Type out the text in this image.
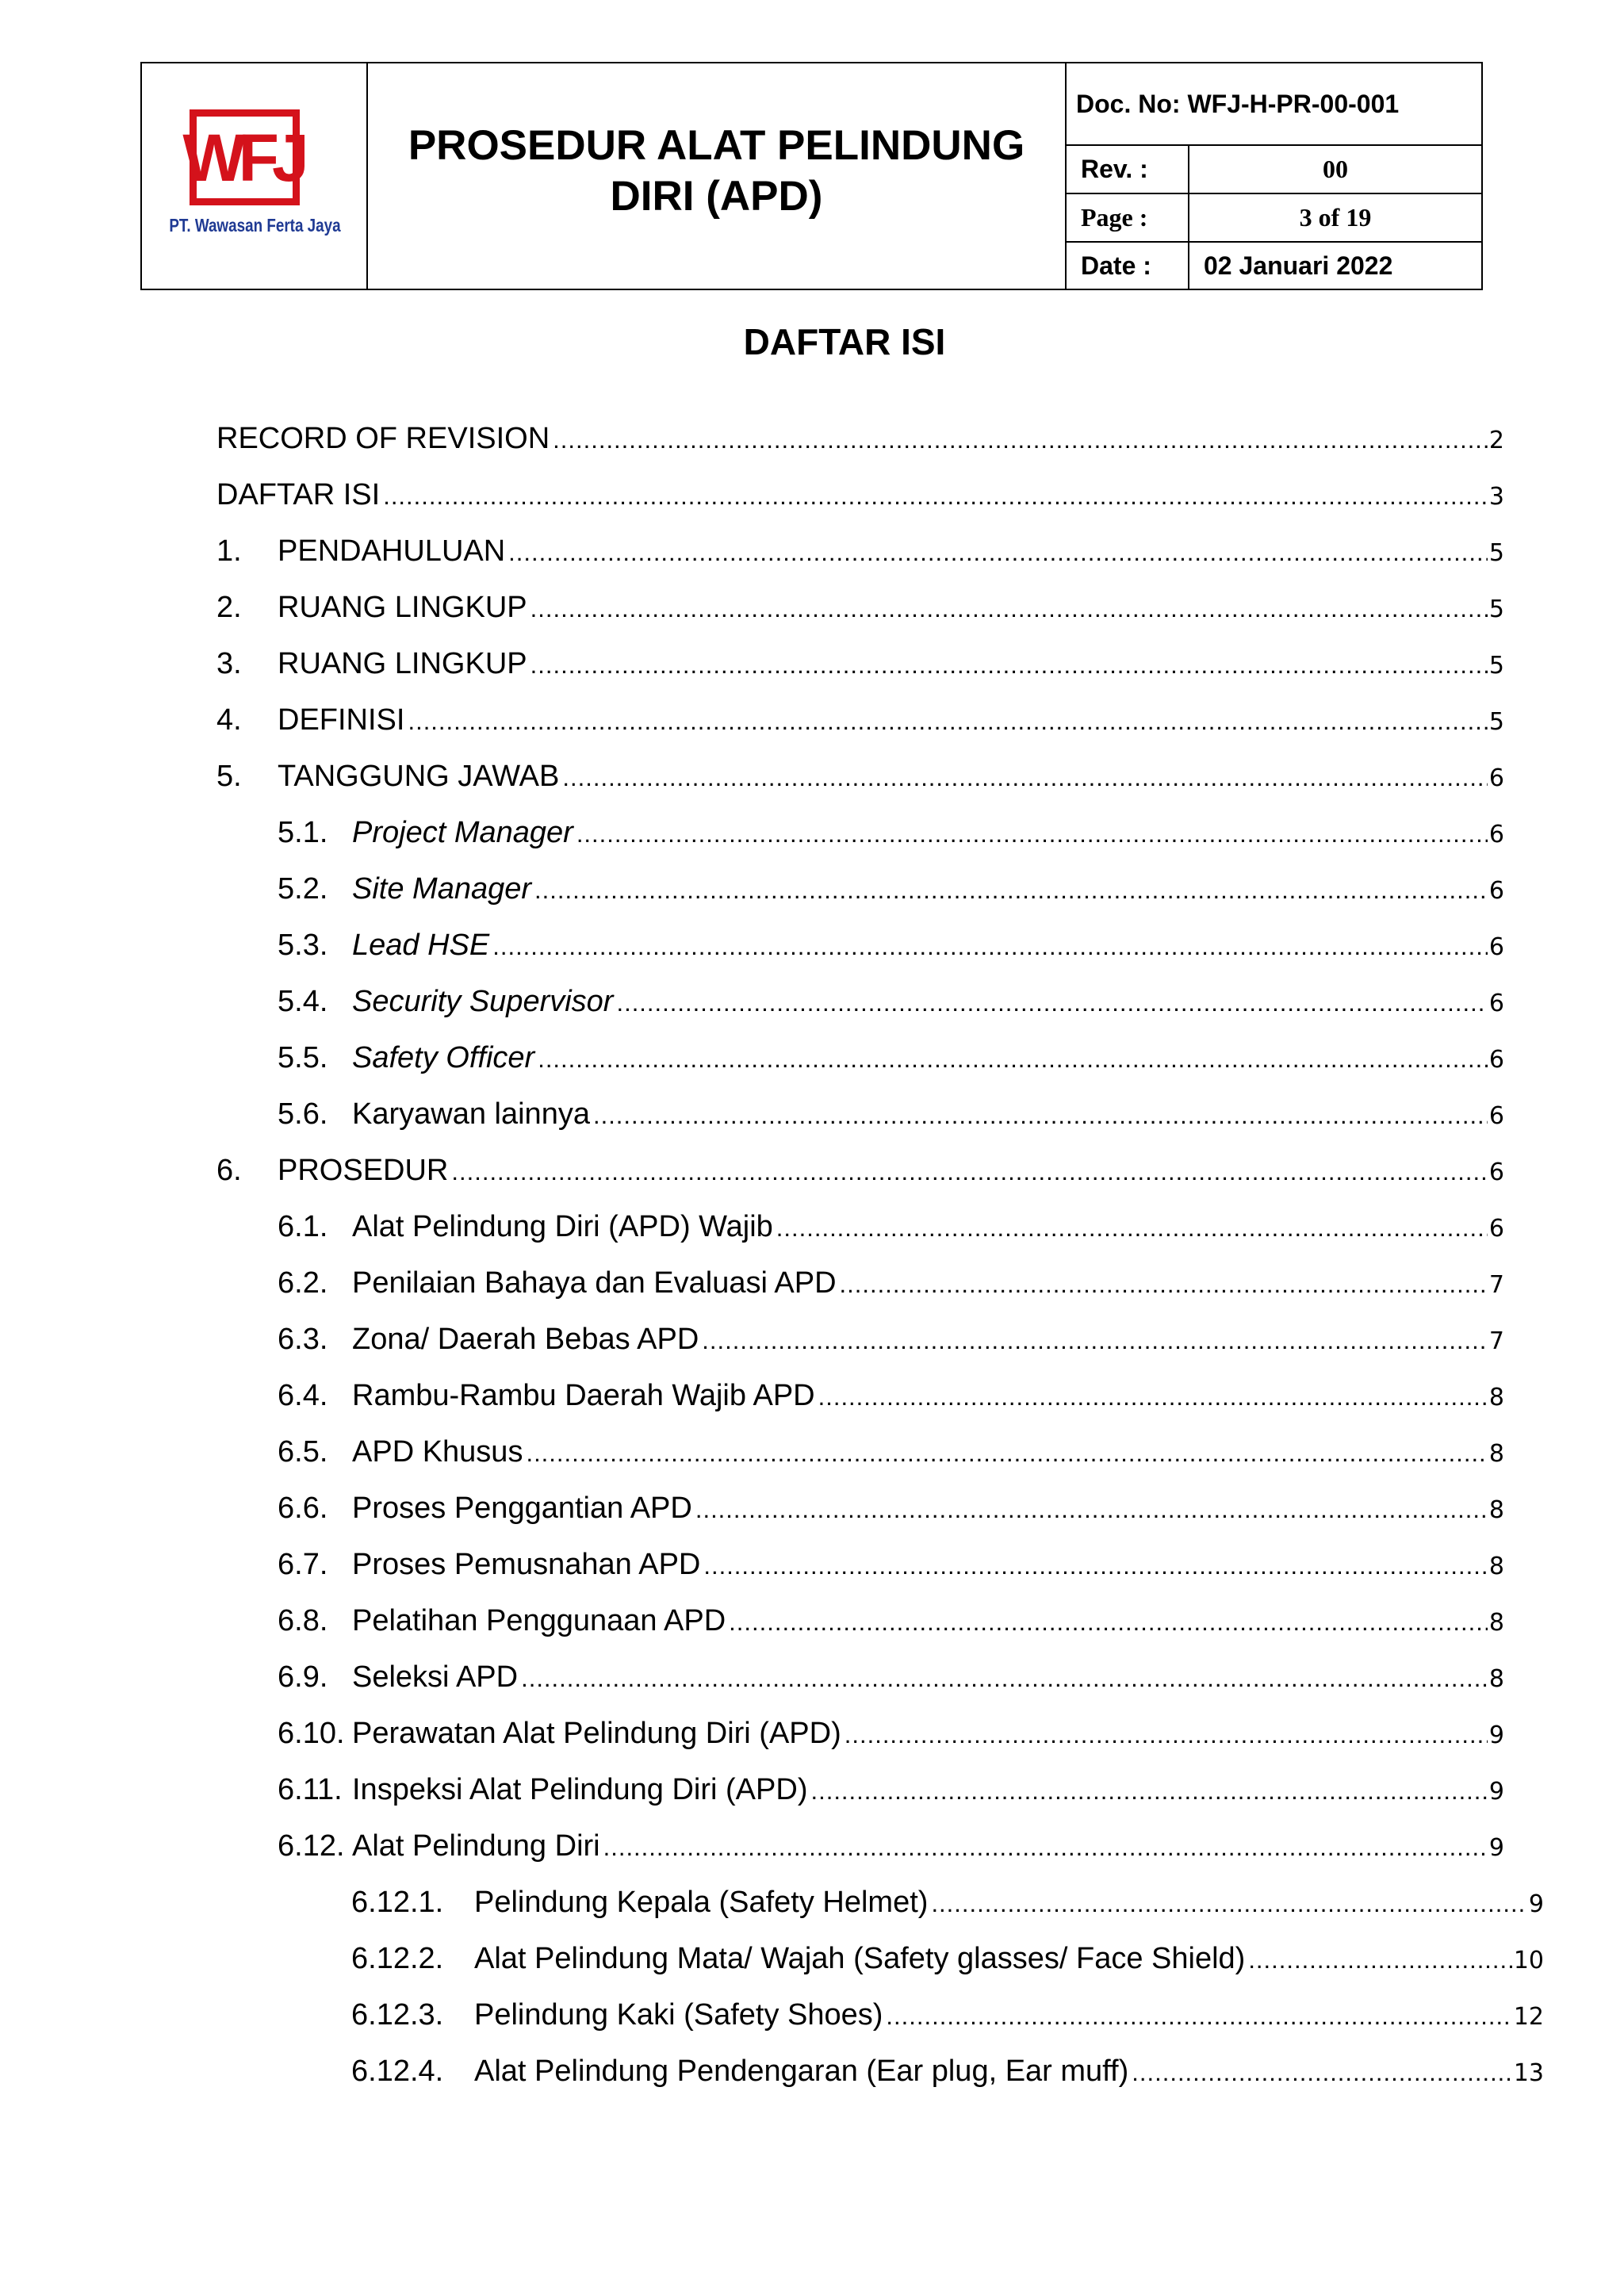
WFJ
PT. Wawasan Ferta Jaya
PROSEDUR ALAT PELINDUNG
DIRI (APD)
Doc. No: WFJ-H-PR-00-001
Rev. :	00
Page :	3 of 19
Date :	02 Januari 2022
DAFTAR ISI
RECORD OF REVISION .....	2
DAFTAR ISI .....	3
1.	PENDAHULUAN .....	5
2.	RUANG LINGKUP .....	5
3.	RUANG LINGKUP .....	5
4.	DEFINISI .....	5
5.	TANGGUNG JAWAB .....	6
5.1. Project Manager .....	6
5.2. Site Manager .....	6
5.3. Lead HSE .....	6
5.4. Security Supervisor .....	6
5.5. Safety Officer .....	6
5.6. Karyawan lainnya .....	6
6.	PROSEDUR .....	6
6.1. Alat Pelindung Diri (APD) Wajib .....	6
6.2. Penilaian Bahaya dan Evaluasi APD .....	7
6.3. Zona/ Daerah Bebas APD .....	7
6.4. Rambu-Rambu Daerah Wajib APD .....	8
6.5. APD Khusus .....	8
6.6. Proses Penggantian APD .....	8
6.7. Proses Pemusnahan APD .....	8
6.8. Pelatihan Penggunaan APD .....	8
6.9. Seleksi APD .....	8
6.10. Perawatan Alat Pelindung Diri (APD) .....	9
6.11. Inspeksi Alat Pelindung Diri (APD) .....	9
6.12. Alat Pelindung Diri .....	9
6.12.1.	Pelindung Kepala (Safety Helmet) .....	9
6.12.2.	Alat Pelindung Mata/ Wajah (Safety glasses/ Face Shield) .....	10
6.12.3.	Pelindung Kaki (Safety Shoes) .....	12
6.12.4.	Alat Pelindung Pendengaran (Ear plug, Ear muff) .....	13
